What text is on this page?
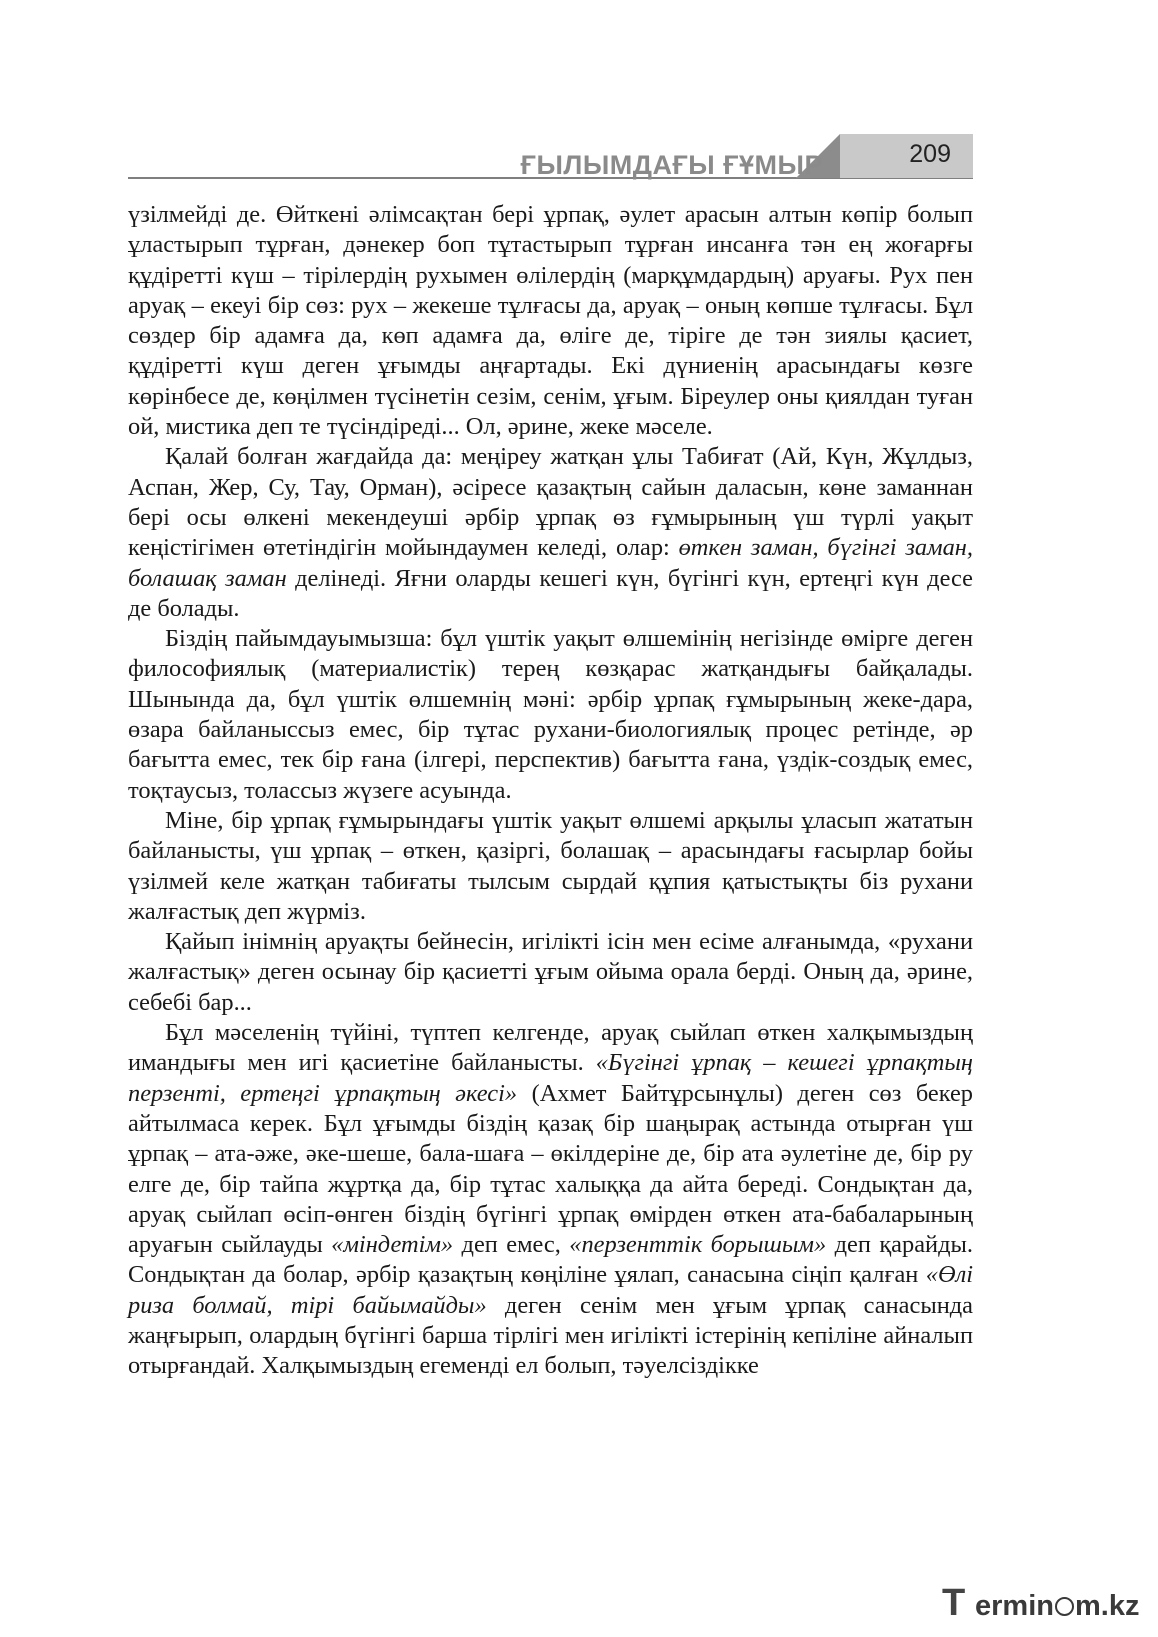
ҒЫЛЫМДАҒЫ ҒҰМЫР	209

үзілмейді де. Өйткені әлімсақтан бері ұрпақ, әулет арасын алтын көпір болып ұластырып тұрған, дәнекер боп тұтастырып тұрған инсанға тән ең жоғарғы құдіретті күш – тірілердің рухымен өлілердің (марқұмдардың) аруағы. Рух пен аруақ – екеуі бір сөз: рух – жекеше тұлғасы да, аруақ – оның көпше тұлғасы. Бұл сөздер бір адамға да, көп адамға да, өлігe де, тірігe де тән зиялы қасиет, құдіретті күш деген ұғымды аңғартады. Екі дүниенің арасындағы көзге көрінбесе де, көңілмен түсінетін сезім, сенім, ұғым. Біреулер оны қиялдан туған ой, мистика деп те түсіндіреді... Ол, әрине, жеке мәселе.

Қалай болған жағдайда да: меңіреу жатқан ұлы Табиғат (Ай, Күн, Жұлдыз, Аспан, Жер, Су, Тау, Орман), әсіресе қазақтың сайын даласын, көне заманнан бері осы өлкені мекендеуші әрбір ұрпақ өз ғұмырының үш түрлі уақыт кеңістігімен өтетіндігін мойындаумен келеді, олар: өткен заман, бүгінгі заман, болашақ заман делінеді. Яғни оларды кешегі күн, бүгінгі күн, ертеңгі күн десе де болады.

Біздің пайымдауымызша: бұл үштік уақыт өлшемінің негізінде өмірге деген философиялық (материалистік) терең көзқарас жатқандығы байқалады. Шынында да, бұл үштік өлшемнің мәні: әрбір ұрпақ ғұмырының жеке-дара, өзара байланыссыз емес, бір тұтас рухани-биологиялық процес ретінде, әр бағытта емес, тек бір ғана (ілгері, перспектив) бағытта ғана, үздік-создық емес, тоқтаусыз, толассыз жүзеге асуында.

Міне, бір ұрпақ ғұмырындағы үштік уақыт өлшемі арқылы ұласып жататын байланысты, үш ұрпақ – өткен, қазіргі, болашақ – арасындағы ғасырлар бойы үзілмей келе жатқан табиғаты тылсым сырдай құпия қатыстықты біз рухани жалғастық деп жүрміз.

Қайып інімнің аруақты бейнесін, игілікті ісін мен есіме алғанымда, «рухани жалғастық» деген осынау бір қасиетті ұғым ойыма орала берді. Оның да, әрине, себебі бар...

Бұл мәселенің түйіні, түптеп келгенде, аруақ сыйлап өткен халқымыздың имандығы мен игі қасиетіне байланысты. «Бүгінгі ұрпақ – кешегі ұрпақтың перзенті, ертеңгі ұрпақтың әкесі» (Ахмет Байтұрсынұлы) деген сөз бекер айтылмаса керек. Бұл ұғымды біздің қазақ бір шаңырақ астында отырған үш ұрпақ – ата-әже, әке-шеше, бала-шаға – өкілдеріне де, бір ата әулетіне де, бір ру елге де, бір тайпа жұртқа да, бір тұтас халыққа да айта береді. Сондықтан да, аруақ сыйлап өсіп-өнген біздің бүгінгі ұрпақ өмірден өткен ата-бабаларының аруағын сыйлауды «міндетім» деп емес, «перзенттік борышым» деп қарайды. Сондықтан да болар, әрбір қазақтың көңіліне ұялап, санасына сіңіп қалған «Өлі риза болмай, тірі байымайды» деген сенім мен ұғым ұрпақ санасында жаңғырып, олардың бүгінгі барша тірлігі мен игілікті істерінің кепіліне айналып отырғандай. Халқымыздың егеменді ел болып, тәуелсіздікке

T ermin m.kz
